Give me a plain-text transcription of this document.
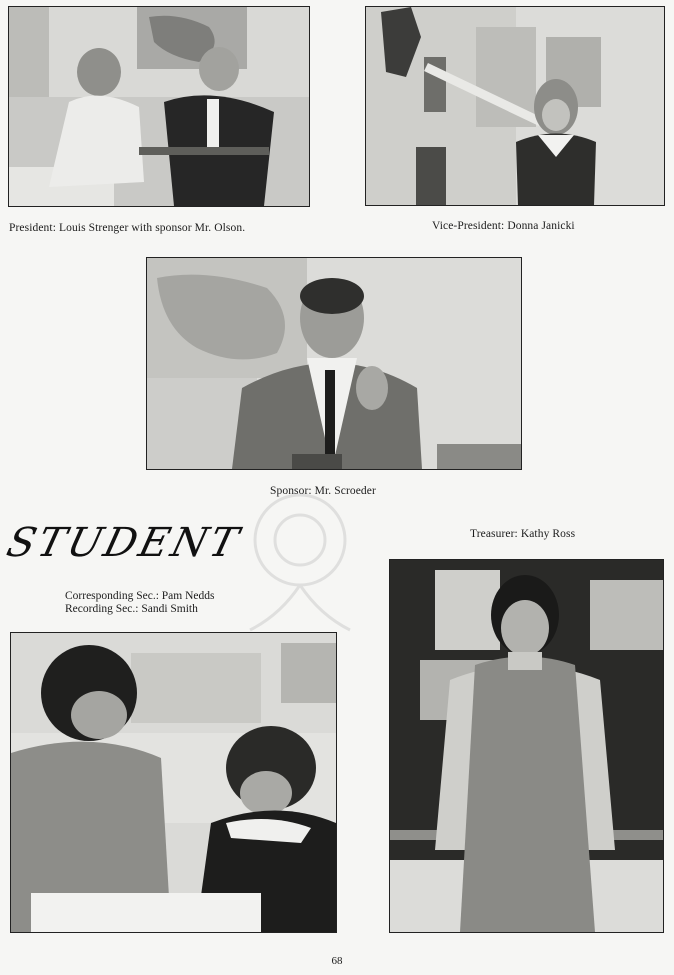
President: Louis Strenger with sponsor Mr. Olson.	Vice-President: Donna Janicki
Sponsor: Mr. Scroeder
STUDENT
Corresponding Sec.: Pam Nedds
Recording Sec.: Sandi Smith
Treasurer: Kathy Ross
68
